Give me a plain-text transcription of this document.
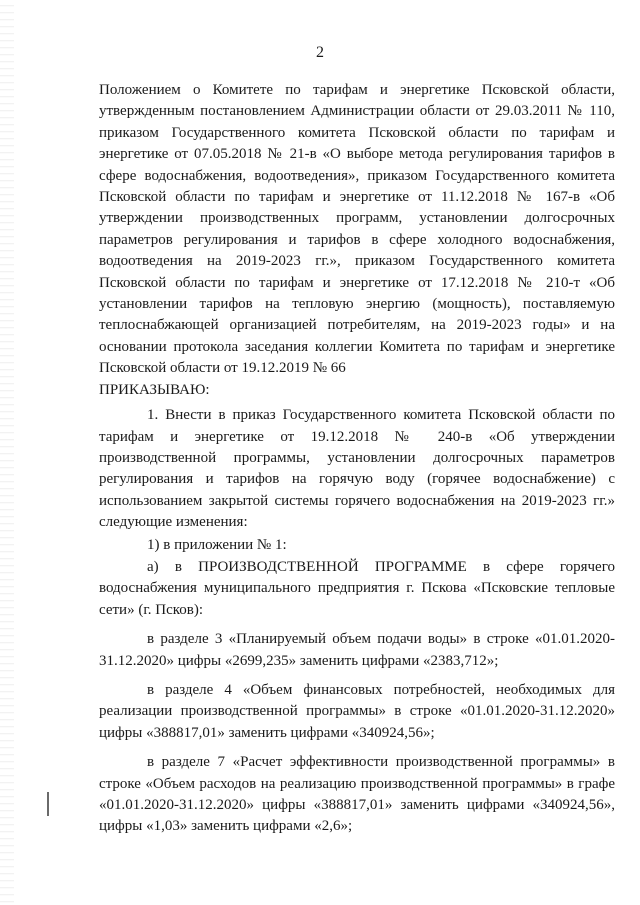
2

Положением о Комитете по тарифам и энергетике Псковской области, утвержденным постановлением Администрации области от 29.03.2011 № 110, приказом Государственного комитета Псковской области по тарифам и энергетике от 07.05.2018 № 21-в «О выборе метода регулирования тарифов в сфере водоснабжения, водоотведения», приказом Государственного комитета Псковской области по тарифам и энергетике от 11.12.2018 № 167-в «Об утверждении производственных программ, установлении долгосрочных параметров регулирования и тарифов в сфере холодного водоснабжения, водоотведения на 2019-2023 гг.», приказом Государственного комитета Псковской области по тарифам и энергетике от 17.12.2018 № 210-т «Об установлении тарифов на тепловую энергию (мощность), поставляемую теплоснабжающей организацией потребителям, на 2019-2023 годы» и на основании протокола заседания коллегии Комитета по тарифам и энергетике Псковской области от 19.12.2019 № 66

ПРИКАЗЫВАЮ:

1. Внести в приказ Государственного комитета Псковской области по тарифам и энергетике от 19.12.2018 № 240-в «Об утверждении производственной программы, установлении долгосрочных параметров регулирования и тарифов на горячую воду (горячее водоснабжение) с использованием закрытой системы горячего водоснабжения на 2019-2023 гг.» следующие изменения:

1) в приложении № 1:

а) в ПРОИЗВОДСТВЕННОЙ ПРОГРАММЕ в сфере горячего водоснабжения муниципального предприятия г. Пскова «Псковские тепловые сети» (г. Псков):

в разделе 3 «Планируемый объем подачи воды» в строке «01.01.2020-31.12.2020» цифры «2699,235» заменить цифрами «2383,712»;

в разделе 4 «Объем финансовых потребностей, необходимых для реализации производственной программы» в строке «01.01.2020-31.12.2020» цифры «388817,01» заменить цифрами «340924,56»;

в разделе 7 «Расчет эффективности производственной программы» в строке «Объем расходов на реализацию производственной программы» в графе «01.01.2020-31.12.2020» цифры «388817,01» заменить цифрами «340924,56», цифры «1,03» заменить цифрами «2,6»;
